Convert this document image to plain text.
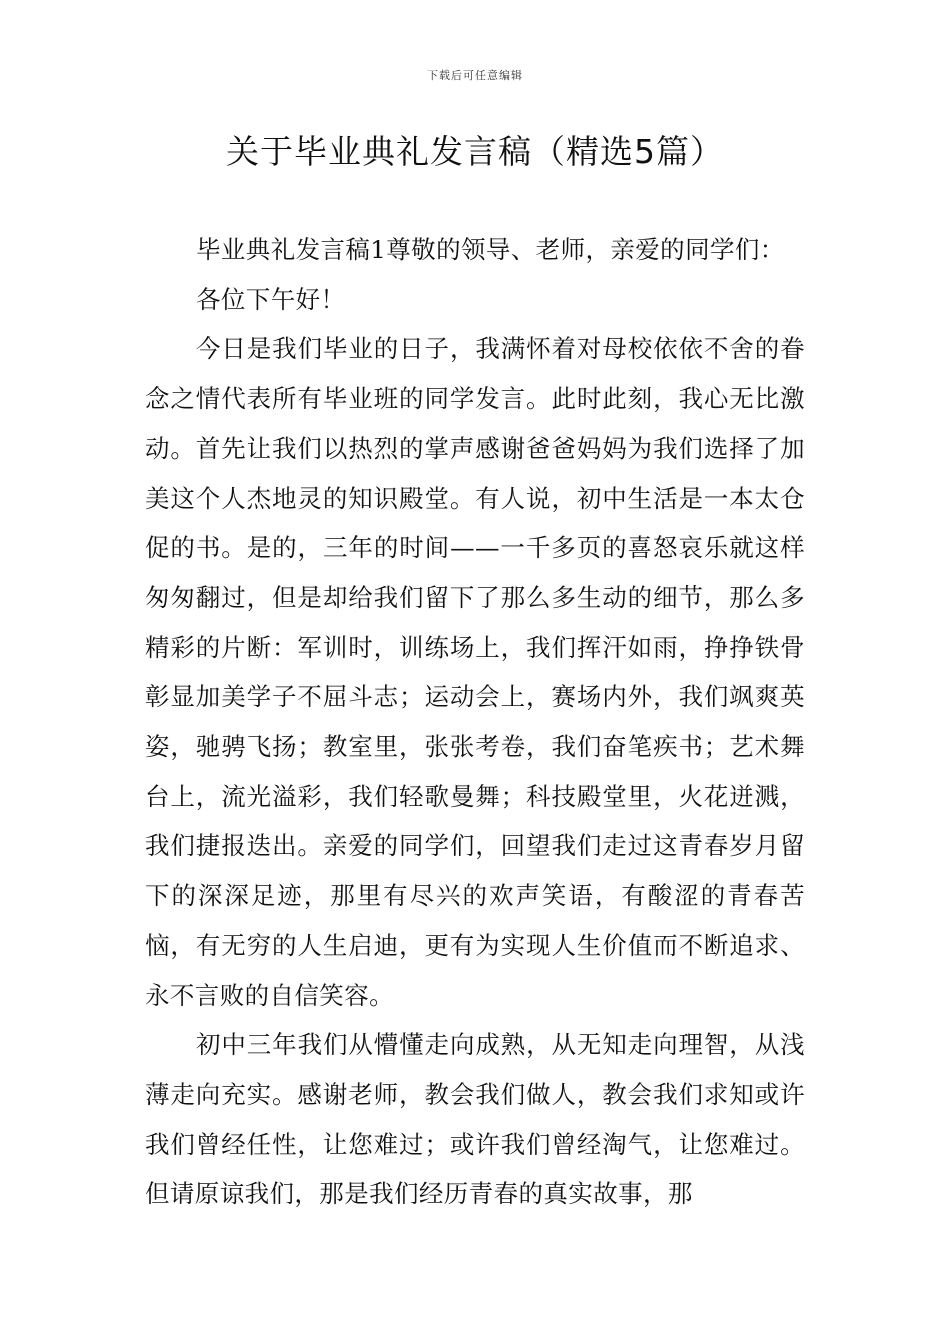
下载后可任意编辑
关于毕业典礼发言稿（精选5篇）

毕业典礼发言稿1尊敬的领导、老师，亲爱的同学们：

各位下午好！

今日是我们毕业的日子，我满怀着对母校依依不舍的眷念之情代表所有毕业班的同学发言。此时此刻，我心无比激动。首先让我们以热烈的掌声感谢爸爸妈妈为我们选择了加美这个人杰地灵的知识殿堂。有人说，初中生活是一本太仓促的书。是的，三年的时间——一千多页的喜怒哀乐就这样匆匆翻过，但是却给我们留下了那么多生动的细节，那么多精彩的片断：军训时，训练场上，我们挥汗如雨，挣挣铁骨彰显加美学子不屈斗志；运动会上，赛场内外，我们飒爽英姿，驰骋飞扬；教室里，张张考卷，我们奋笔疾书；艺术舞台上，流光溢彩，我们轻歌曼舞；科技殿堂里，火花迸溅，我们捷报迭出。亲爱的同学们，回望我们走过这青春岁月留下的深深足迹，那里有尽兴的欢声笑语，有酸涩的青春苦恼，有无穷的人生启迪，更有为实现人生价值而不断追求、永不言败的自信笑容。

初中三年我们从懵懂走向成熟，从无知走向理智，从浅薄走向充实。感谢老师，教会我们做人，教会我们求知或许我们曾经任性，让您难过；或许我们曾经淘气，让您难过。但请原谅我们，那是我们经历青春的真实故事，那
